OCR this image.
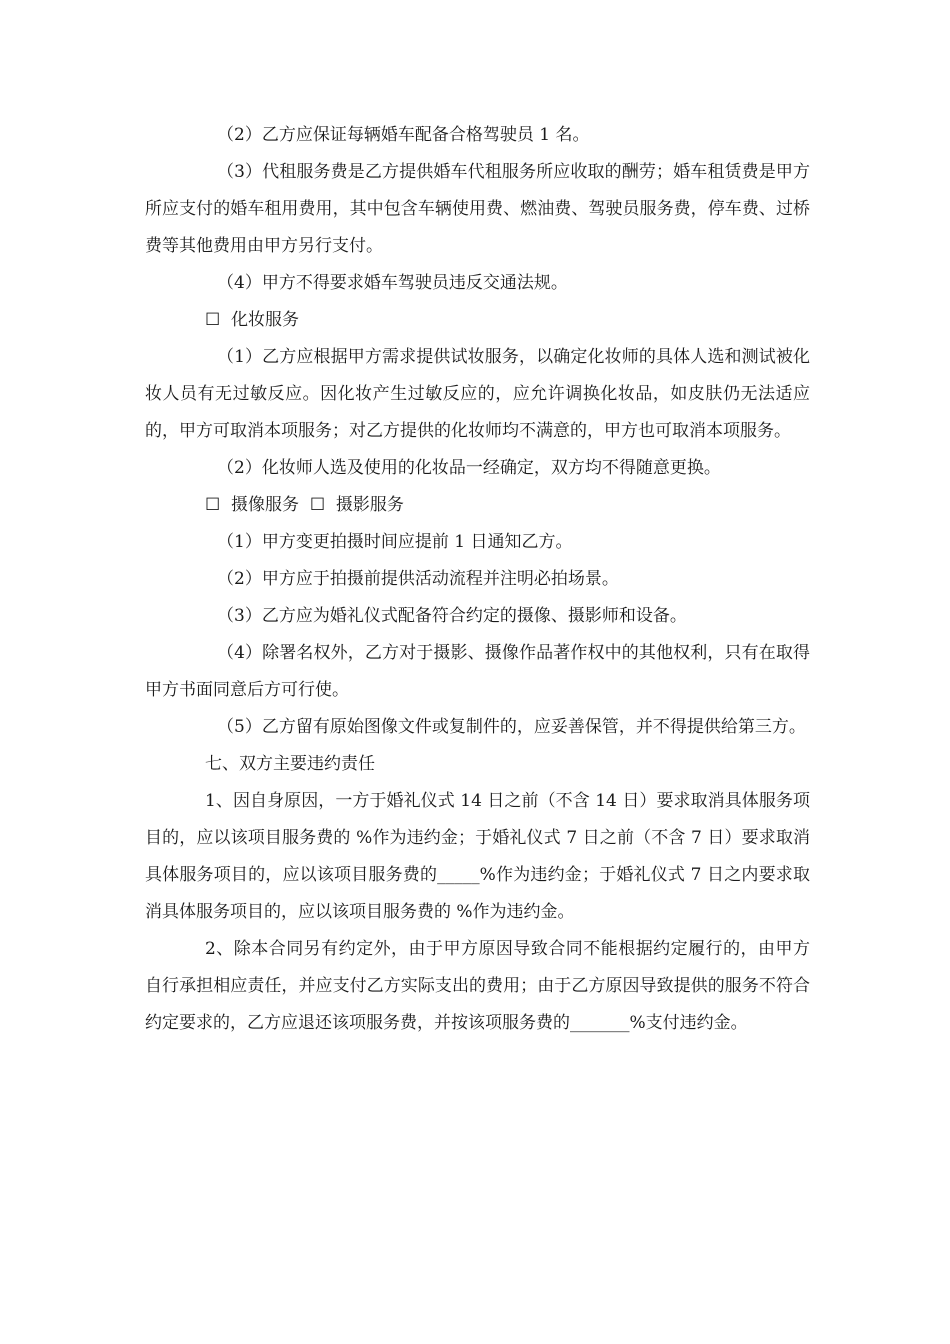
（2）乙方应保证每辆婚车配备合格驾驶员 1 名。

（3）代租服务费是乙方提供婚车代租服务所应收取的酬劳；婚车租赁费是甲方所应支付的婚车租用费用，其中包含车辆使用费、燃油费、驾驶员服务费，停车费、过桥费等其他费用由甲方另行支付。

（4）甲方不得要求婚车驾驶员违反交通法规。

☐  化妆服务

（1）乙方应根据甲方需求提供试妆服务，以确定化妆师的具体人选和测试被化妆人员有无过敏反应。因化妆产生过敏反应的，应允许调换化妆品，如皮肤仍无法适应的，甲方可取消本项服务；对乙方提供的化妆师均不满意的，甲方也可取消本项服务。

（2）化妆师人选及使用的化妆品一经确定，双方均不得随意更换。

☐  摄像服务  ☐  摄影服务

（1）甲方变更拍摄时间应提前 1 日通知乙方。

（2）甲方应于拍摄前提供活动流程并注明必拍场景。

（3）乙方应为婚礼仪式配备符合约定的摄像、摄影师和设备。

（4）除署名权外，乙方对于摄影、摄像作品著作权中的其他权利，只有在取得甲方书面同意后方可行使。

（5）乙方留有原始图像文件或复制件的，应妥善保管，并不得提供给第三方。

七、双方主要违约责任

1、因自身原因，一方于婚礼仪式 14 日之前（不含 14 日）要求取消具体服务项目的，应以该项目服务费的 %作为违约金；于婚礼仪式 7 日之前（不含 7 日）要求取消具体服务项目的，应以该项目服务费的_____%作为违约金；于婚礼仪式 7 日之内要求取消具体服务项目的，应以该项目服务费的 %作为违约金。

2、除本合同另有约定外，由于甲方原因导致合同不能根据约定履行的，由甲方自行承担相应责任，并应支付乙方实际支出的费用；由于乙方原因导致提供的服务不符合约定要求的，乙方应退还该项服务费，并按该项服务费的_______%支付违约金。
